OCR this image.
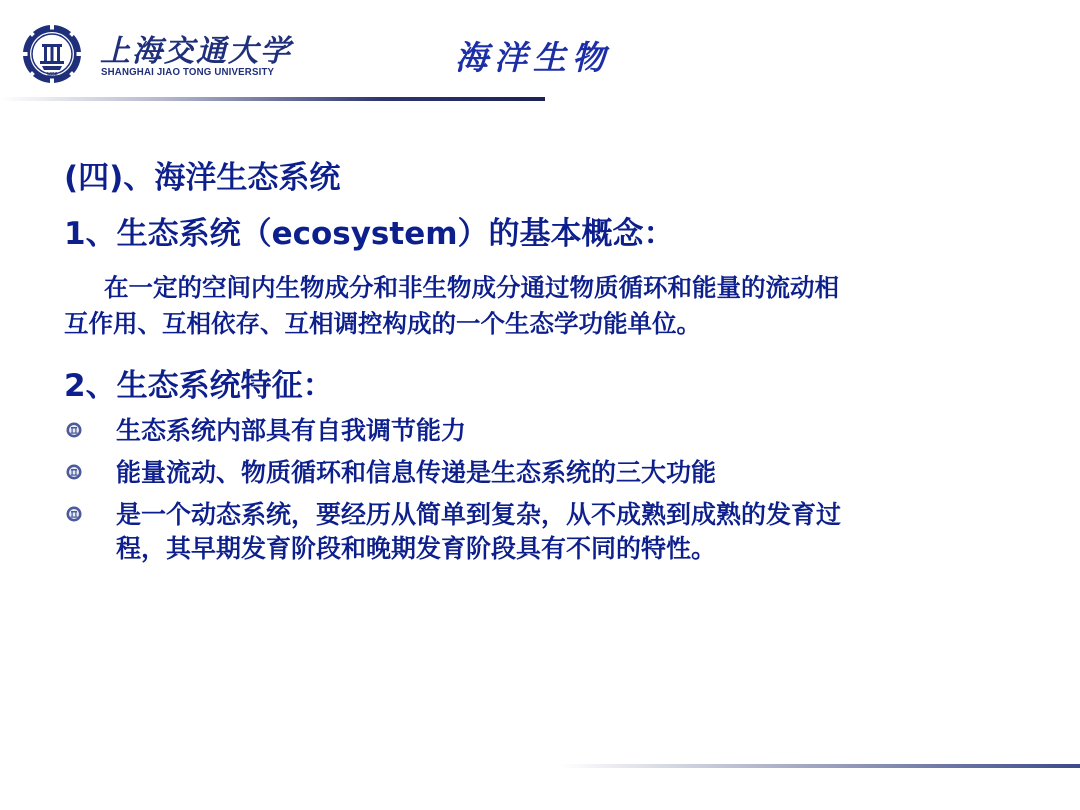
1896
上海交通大学
SHANGHAI JIAO TONG UNIVERSITY	海洋生物
(四)、海洋生态系统
1、生态系统（ecosystem）的基本概念：
在一定的空间内生物成分和非生物成分通过物质循环和能量的流动相
互作用、互相依存、互相调控构成的一个生态学功能单位。
2、生态系统特征：
生态系统内部具有自我调节能力
能量流动、物质循环和信息传递是生态系统的三大功能
是一个动态系统，要经历从简单到复杂，从不成熟到成熟的发育过
程，其早期发育阶段和晚期发育阶段具有不同的特性。
